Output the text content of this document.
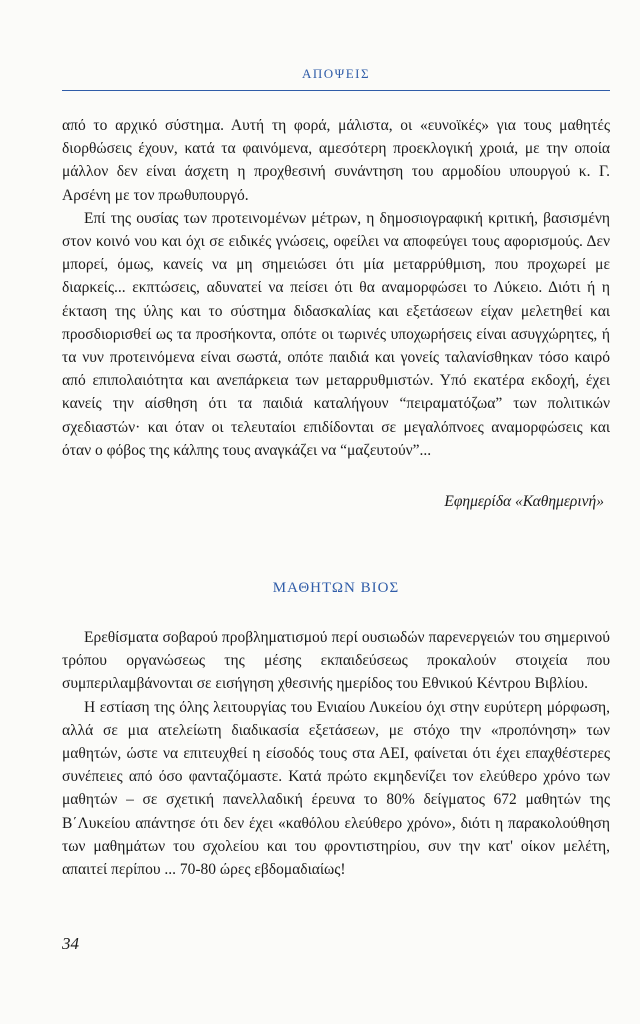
ΑΠΟΨΕΙΣ

από το αρχικό σύστημα. Αυτή τη φορά, μάλιστα, οι «ευνοϊκές» για τους μαθητές διορθώσεις έχουν, κατά τα φαινόμενα, αμεσότερη προεκλογική χροιά, με την οποία μάλλον δεν είναι άσχετη η προχθεσινή συνάντηση του αρμοδίου υπουργού κ. Γ. Αρσένη με τον πρωθυπουργό.

Επί της ουσίας των προτεινομένων μέτρων, η δημοσιογραφική κριτική, βασισμένη στον κοινό νου και όχι σε ειδικές γνώσεις, οφείλει να αποφεύγει τους αφορισμούς. Δεν μπορεί, όμως, κανείς να μη σημειώσει ότι μία μεταρρύθμιση, που προχωρεί με διαρκείς... εκπτώσεις, αδυνατεί να πείσει ότι θα αναμορφώσει το Λύκειο. Διότι ή η έκταση της ύλης και το σύστημα διδασκαλίας και εξετάσεων είχαν μελετηθεί και προσδιορισθεί ως τα προσήκοντα, οπότε οι τωρινές υποχωρήσεις είναι ασυγχώρητες, ή τα νυν προτεινόμενα είναι σωστά, οπότε παιδιά και γονείς ταλανίσθηκαν τόσο καιρό από επιπολαιότητα και ανεπάρκεια των μεταρρυθμιστών. Υπό εκατέρα εκδοχή, έχει κανείς την αίσθηση ότι τα παιδιά καταλήγουν “πειραματόζωα” των πολιτικών σχεδιαστών· και όταν οι τελευταίοι επιδίδονται σε μεγαλόπνοες αναμορφώσεις και όταν ο φόβος της κάλπης τους αναγκάζει να “μαζευτούν”...

Εφημερίδα «Καθημερινή»
ΜΑΘΗΤΩΝ ΒΙΟΣ

Ερεθίσματα σοβαρού προβληματισμού περί ουσιωδών παρενεργειών του σημερινού τρόπου οργανώσεως της μέσης εκπαιδεύσεως προκαλούν στοιχεία που συμπεριλαμβάνονται σε εισήγηση χθεσινής ημερίδος του Εθνικού Κέντρου Βιβλίου.

Η εστίαση της όλης λειτουργίας του Ενιαίου Λυκείου όχι στην ευρύτερη μόρφωση, αλλά σε μια ατελείωτη διαδικασία εξετάσεων, με στόχο την «προπόνηση» των μαθητών, ώστε να επιτευχθεί η είσοδός τους στα ΑΕΙ, φαίνεται ότι έχει επαχθέστερες συνέπειες από όσο φανταζόμαστε. Κατά πρώτο εκμηδενίζει τον ελεύθερο χρόνο των μαθητών – σε σχετική πανελλαδική έρευνα το 80% δείγματος 672 μαθητών της Β΄Λυκείου απάντησε ότι δεν έχει «καθόλου ελεύθερο χρόνο», διότι η παρακολούθηση των μαθημάτων του σχολείου και του φροντιστηρίου, συν την κατ' οίκον μελέτη, απαιτεί περίπου ... 70-80 ώρες εβδομαδιαίως!

34
